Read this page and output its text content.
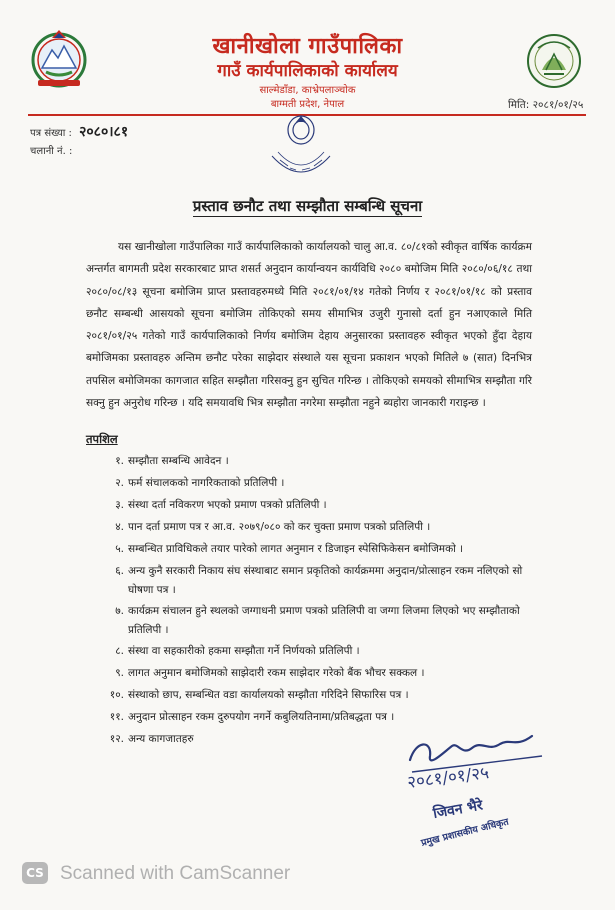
खानीखोला गाउँपालिका
गाउँ कार्यपालिकाको कार्यालय
साल्मेडाँडा, काभ्रेपलाञ्चोक
बाग्मती प्रदेश, नेपाल	मिति: २०८१/०१/२५
पत्र संख्या : २०८०।८१
चलानी नं. :
प्रस्ताव छनौट तथा सम्झौता सम्बन्धि सूचना
यस खानीखोला गाउँपालिका गाउँ कार्यपालिकाको कार्यालयको चालु आ.व. ८०/८१को स्वीकृत वार्षिक कार्यक्रम अन्तर्गत बागमती प्रदेश सरकारबाट प्राप्त शसर्त अनुदान कार्यान्वयन कार्यविधि २०८० बमोजिम मिति २०८०/०६/१८ तथा २०८०/०८/१३ सूचना बमोजिम प्राप्त प्रस्तावहरुमध्ये मिति २०८१/०१/१४ गतेको निर्णय र २०८१/०१/१८ को प्रस्ताव छनौट सम्बन्धी आसयको सूचना बमोजिम तोकिएको समय सीमाभित्र उजुरी गुनासो दर्ता हुन नआएकाले मिति २०८१/०१/२५ गतेको गाउँ कार्यपालिकाको निर्णय बमोजिम देहाय अनुसारका प्रस्तावहरु स्वीकृत भएको हुँदा देहाय बमोजिमका प्रस्तावहरु अन्तिम छनौट परेका साझेदार संस्थाले यस सूचना प्रकाशन भएको मितिले ७ (सात) दिनभित्र तपसिल बमोजिमका कागजात सहित सम्झौता गरिसक्नु हुन सुचित गरिन्छ । तोकिएको समयको सीमाभित्र सम्झौता गरि सक्नु हुन अनुरोध गरिन्छ । यदि समयावधि भित्र सम्झौता नगरेमा सम्झौता नहुने ब्यहोरा जानकारी गराइन्छ ।
तपशिल
१. सम्झौता सम्बन्धि आवेदन ।
२. फर्म संचालकको नागरिकताको प्रतिलिपी ।
३. संस्था दर्ता नविकरण भएको प्रमाण पत्रको प्रतिलिपी ।
४. पान दर्ता प्रमाण पत्र र आ.व. २०७९/०८० को कर चुक्ता प्रमाण पत्रको प्रतिलिपी ।
५. सम्बन्धित प्राविधिकले तयार पारेको लागत अनुमान र डिजाइन स्पेसिफिकेसन बमोजिमको ।
६. अन्य कुनै सरकारी निकाय संघ संस्थाबाट समान प्रकृतिको कार्यक्रममा अनुदान/प्रोत्साहन रकम नलिएको सो घोषणा पत्र ।
७. कार्यक्रम संचालन हुने स्थलको जग्गाधनी प्रमाण पत्रको प्रतिलिपी वा जग्गा लिजमा लिएको भए सम्झौताको प्रतिलिपी ।
८. संस्था वा सहकारीको हकमा सम्झौता गर्ने निर्णयको प्रतिलिपी ।
९. लागत अनुमान बमोजिमको साझेदारी रकम साझेदार गरेको बैंक भौचर सक्कल ।
१०. संस्थाको छाप, सम्बन्धित वडा कार्यालयको सम्झौता गरिदिने सिफारिस पत्र ।
११. अनुदान प्रोत्साहन रकम दुरुपयोग नगर्ने कबुलियतिनामा/प्रतिबद्धता पत्र ।
१२. अन्य कागजातहरु
२०८१/०१/२५
जिवन भैरे
प्रमुख प्रशासकीय अधिकृत
CS Scanned with CamScanner
